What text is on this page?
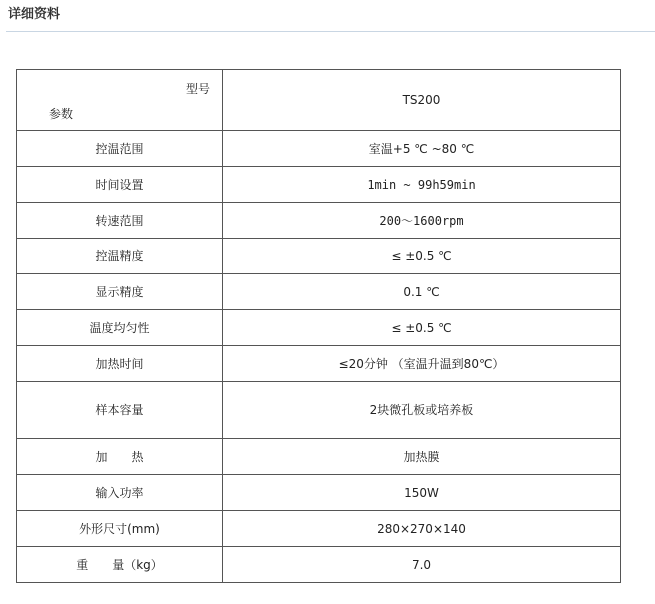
详细资料
型号
参数	TS200
控温范围	室温+5 ℃ ~80 ℃
时间设置	1min ~ 99h59min
转速范围	200～1600rpm
控温精度	≤ ±0.5 ℃
显示精度	0.1 ℃
温度均匀性	≤ ±0.5 ℃
加热时间	≤20分钟 （室温升温到80℃）
样本容量	2块微孔板或培养板
加　　热	加热膜
输入功率	150W
外形尺寸(mm)	280×270×140
重　　量（kg）	7.0
